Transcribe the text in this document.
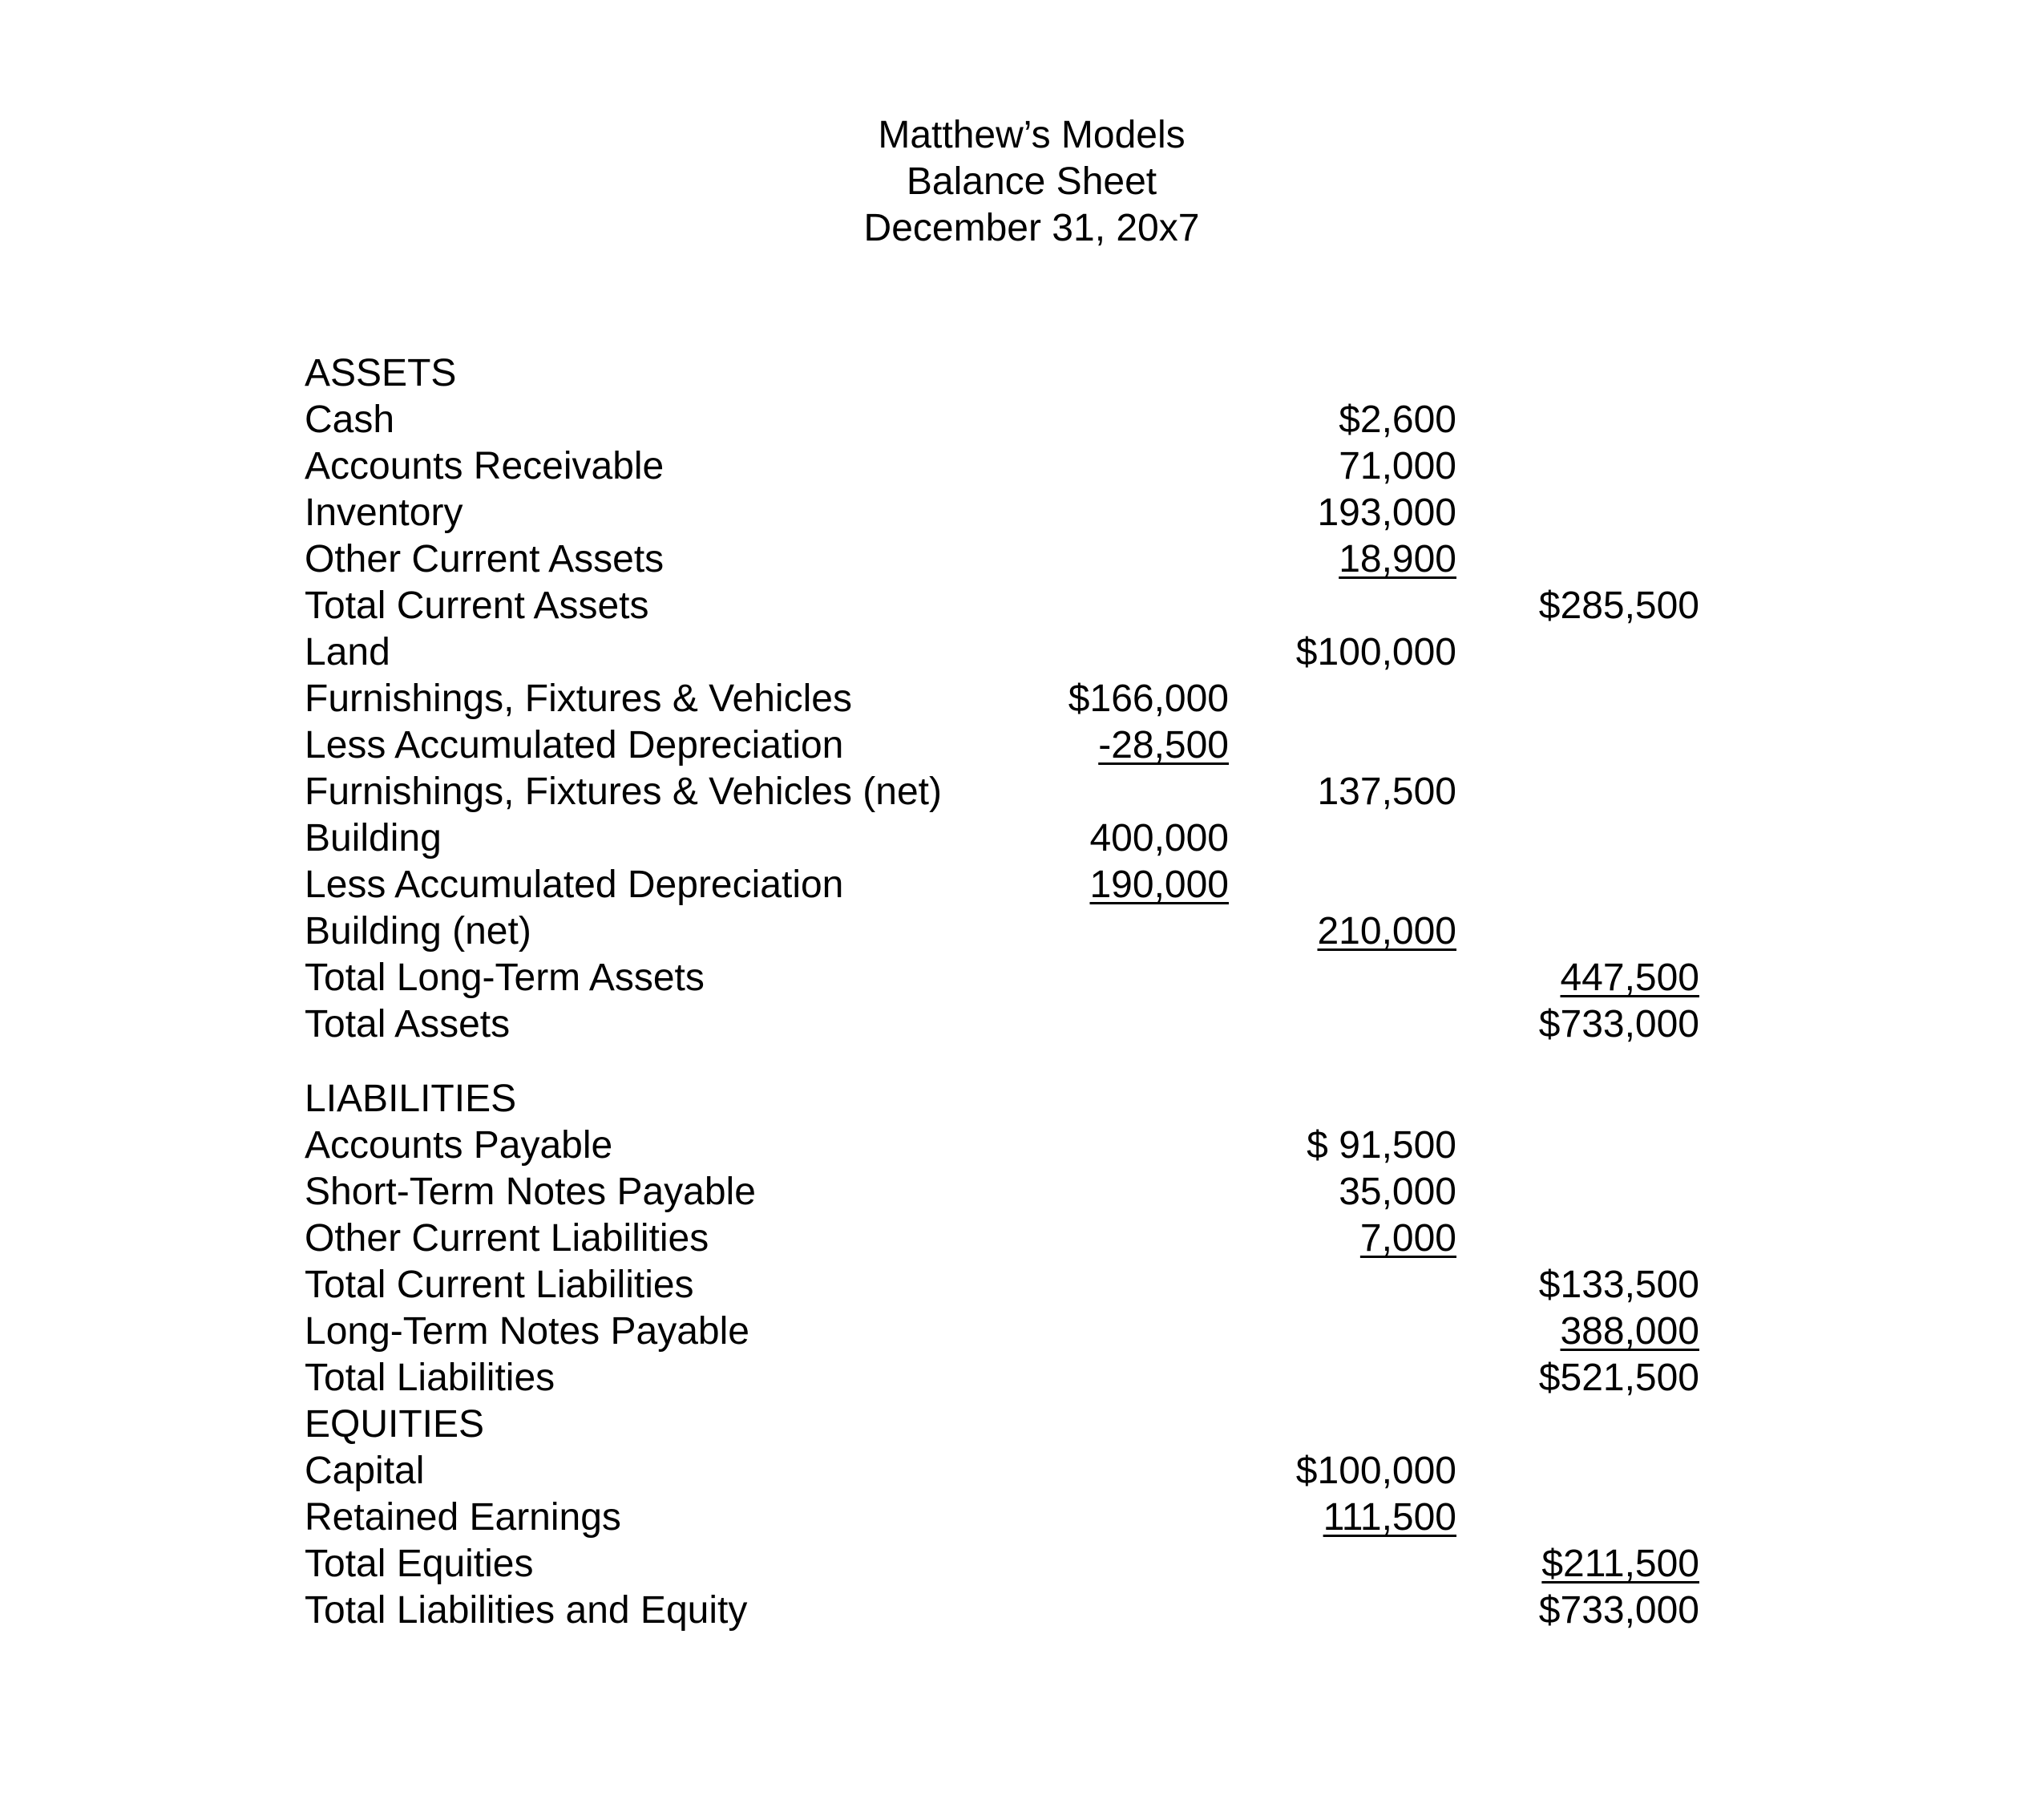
Matthew’s Models
Balance Sheet
December 31, 20x7
ASSETS
Cash	$2,600
Accounts Receivable	71,000
Inventory	193,000
Other Current Assets	18,900
Total Current Assets	$285,500
Land	$100,000
Furnishings, Fixtures & Vehicles	$166,000
Less Accumulated Depreciation	-28,500
Furnishings, Fixtures & Vehicles (net)	137,500
Building	400,000
Less Accumulated Depreciation	190,000
Building (net)	210,000
Total Long-Term Assets	447,500
Total Assets	$733,000
LIABILITIES
Accounts Payable	$ 91,500
Short-Term Notes Payable	35,000
Other Current Liabilities	7,000
Total Current Liabilities	$133,500
Long-Term Notes Payable	388,000
Total Liabilities	$521,500
EQUITIES
Capital	$100,000
Retained Earnings	111,500
Total Equities	$211,500
Total Liabilities and Equity	$733,000
